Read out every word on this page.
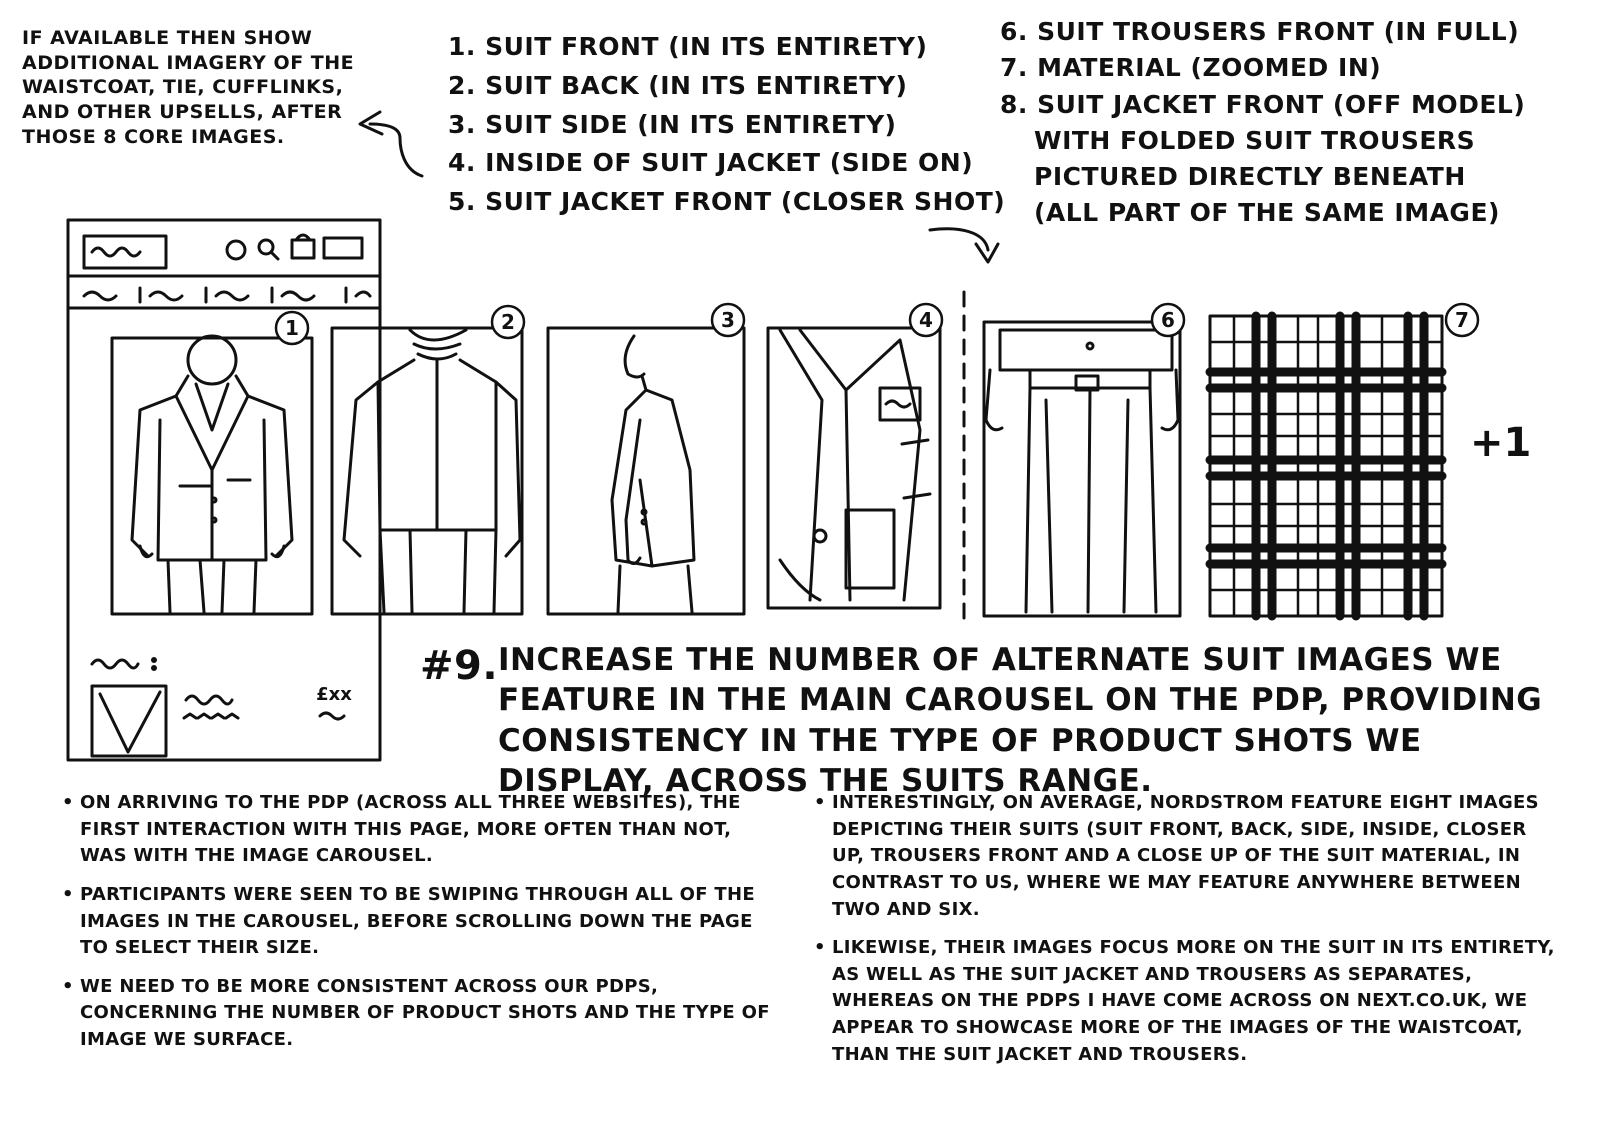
1	2	3	4	6	7
£xx
IF AVAILABLE THEN SHOW ADDITIONAL IMAGERY OF THE WAISTCOAT, TIE, CUFFLINKS, AND OTHER UPSELLS, AFTER THOSE 8 CORE IMAGES.
1. SUIT FRONT (IN ITS ENTIRETY)
2. SUIT BACK (IN ITS ENTIRETY)
3. SUIT SIDE (IN ITS ENTIRETY)
4. INSIDE OF SUIT JACKET (SIDE ON)
5. SUIT JACKET FRONT (CLOSER SHOT)
6. SUIT TROUSERS FRONT (IN FULL)
7. MATERIAL (ZOOMED IN)
8. SUIT JACKET FRONT (OFF MODEL)
WITH FOLDED SUIT TROUSERS
PICTURED DIRECTLY BENEATH
(ALL PART OF THE SAME IMAGE)
+1
#9. INCREASE THE NUMBER OF ALTERNATE SUIT IMAGES WE FEATURE IN THE MAIN CAROUSEL ON THE PDP, PROVIDING CONSISTENCY IN THE TYPE OF PRODUCT SHOTS WE DISPLAY, ACROSS THE SUITS RANGE.
• ON ARRIVING TO THE PDP (ACROSS ALL THREE WEBSITES), THE FIRST INTERACTION WITH THIS PAGE, MORE OFTEN THAN NOT, WAS WITH THE IMAGE CAROUSEL.
• PARTICIPANTS WERE SEEN TO BE SWIPING THROUGH ALL OF THE IMAGES IN THE CAROUSEL, BEFORE SCROLLING DOWN THE PAGE TO SELECT THEIR SIZE.
• WE NEED TO BE MORE CONSISTENT ACROSS OUR PDPS, CONCERNING THE NUMBER OF PRODUCT SHOTS AND THE TYPE OF IMAGE WE SURFACE.
• INTERESTINGLY, ON AVERAGE, NORDSTROM FEATURE EIGHT IMAGES DEPICTING THEIR SUITS (SUIT FRONT, BACK, SIDE, INSIDE, CLOSER UP, TROUSERS FRONT AND A CLOSE UP OF THE SUIT MATERIAL, IN CONTRAST TO US, WHERE WE MAY FEATURE ANYWHERE BETWEEN TWO AND SIX.
• LIKEWISE, THEIR IMAGES FOCUS MORE ON THE SUIT IN ITS ENTIRETY, AS WELL AS THE SUIT JACKET AND TROUSERS AS SEPARATES, WHEREAS ON THE PDPS I HAVE COME ACROSS ON NEXT.CO.UK, WE APPEAR TO SHOWCASE MORE OF THE IMAGES OF THE WAISTCOAT, THAN THE SUIT JACKET AND TROUSERS.
